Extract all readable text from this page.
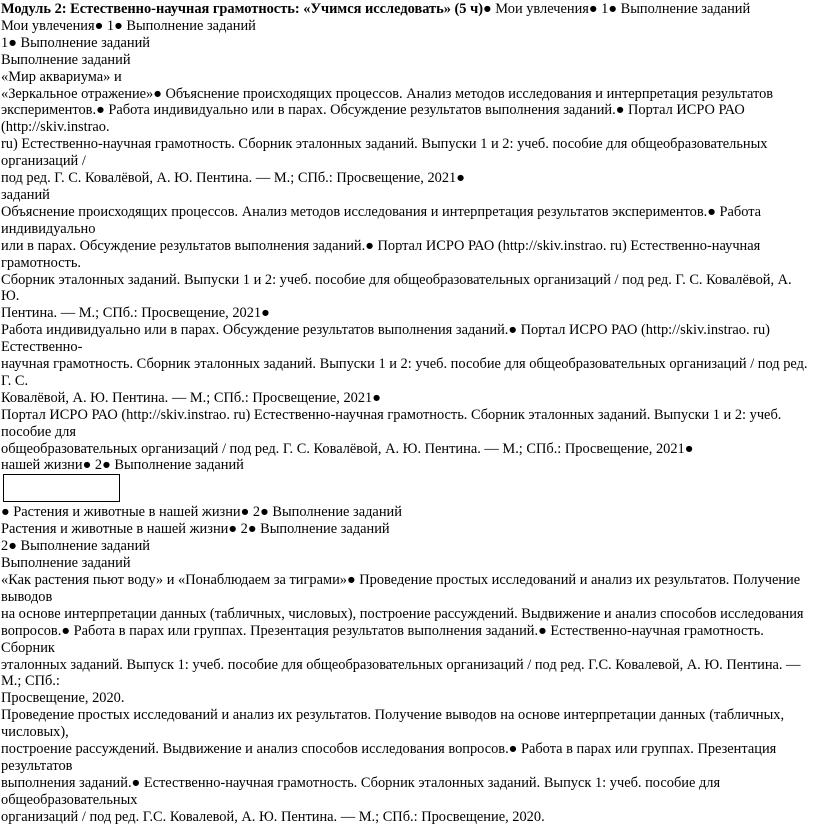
Модуль 2: Естественно-научная грамотность: «Учимся исследовать» (5 ч)● Мои увлечения● 1● Выполнение заданий
Мои увлечения● 1● Выполнение заданий
1● Выполнение заданий
Выполнение заданий
«Мир аквариума» и
«Зеркальное отражение»● Объяснение происходящих процессов. Анализ методов исследования и интерпретация результатов
экспериментов.● Работа индивидуально или в парах. Обсуждение результатов выполнения заданий.● Портал ИСРО РАО (http://skiv.instrao.
ru) Естественно-научная грамотность. Сборник эталонных заданий. Выпуски 1 и 2: учеб. пособие для общеобразовательных организаций /
под ред. Г. С. Ковалёвой, А. Ю. Пентина. — М.; СПб.: Просвещение, 2021●
заданий
Объяснение происходящих процессов. Анализ методов исследования и интерпретация результатов экспериментов.● Работа индивидуально
или в парах. Обсуждение результатов выполнения заданий.● Портал ИСРО РАО (http://skiv.instrao. ru) Естественно-научная грамотность.
Сборник эталонных заданий. Выпуски 1 и 2: учеб. пособие для общеобразовательных организаций / под ред. Г. С. Ковалёвой, А. Ю.
Пентина. — М.; СПб.: Просвещение, 2021●
Работа индивидуально или в парах. Обсуждение результатов выполнения заданий.● Портал ИСРО РАО (http://skiv.instrao. ru) Естественно-
научная грамотность. Сборник эталонных заданий. Выпуски 1 и 2: учеб. пособие для общеобразовательных организаций / под ред. Г. С.
Ковалёвой, А. Ю. Пентина. — М.; СПб.: Просвещение, 2021●
Портал ИСРО РАО (http://skiv.instrao. ru) Естественно-научная грамотность. Сборник эталонных заданий. Выпуски 1 и 2: учеб. пособие для
общеобразовательных организаций / под ред. Г. С. Ковалёвой, А. Ю. Пентина. — М.; СПб.: Просвещение, 2021●
нашей жизни● 2● Выполнение заданий
● Растения и животные в нашей жизни● 2● Выполнение заданий
Растения и животные в нашей жизни● 2● Выполнение заданий
2● Выполнение заданий
Выполнение заданий
«Как растения пьют воду» и «Понаблюдаем за тиграми»● Проведение простых исследований и анализ их результатов. Получение выводов
на основе интерпретации данных (табличных, числовых), построение рассуждений. Выдвижение и анализ способов исследования
вопросов.● Работа в парах или группах. Презентация результатов выполнения заданий.● Естественно-научная грамотность. Сборник
эталонных заданий. Выпуск 1: учеб. пособие для общеобразовательных организаций / под ред. Г.С. Ковалевой, А. Ю. Пентина. — М.; СПб.:
Просвещение, 2020.
Проведение простых исследований и анализ их результатов. Получение выводов на основе интерпретации данных (табличных, числовых),
построение рассуждений. Выдвижение и анализ способов исследования вопросов.● Работа в парах или группах. Презентация результатов
выполнения заданий.● Естественно-научная грамотность. Сборник эталонных заданий. Выпуск 1: учеб. пособие для общеобразовательных
организаций / под ред. Г.С. Ковалевой, А. Ю. Пентина. — М.; СПб.: Просвещение, 2020.
